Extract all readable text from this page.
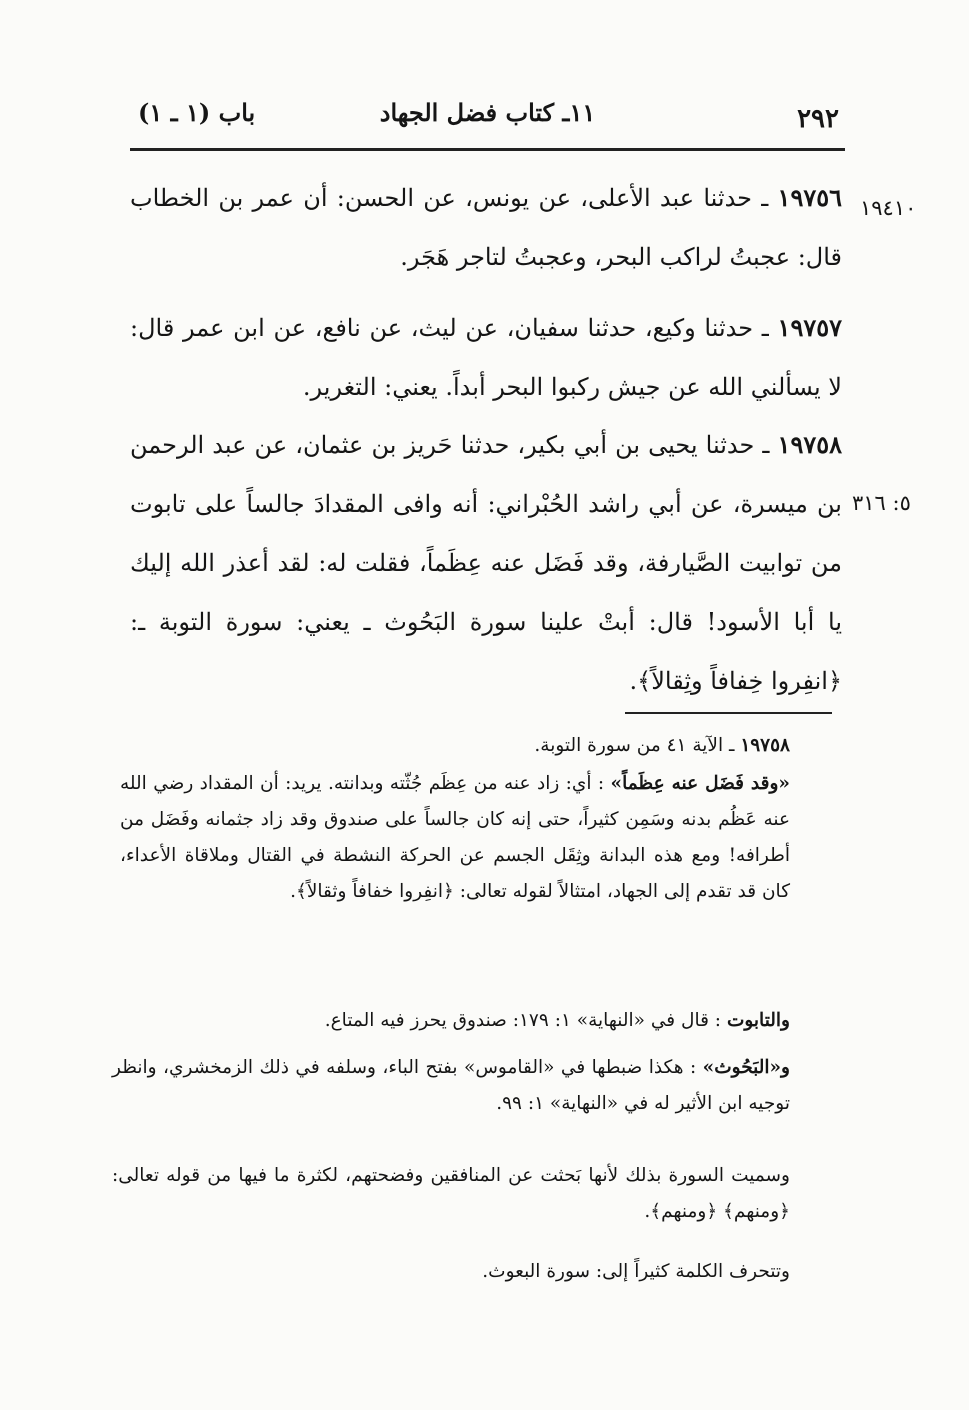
٢٩٢
١١ـ كتاب فضل الجهاد
باب (١ ـ ١)
١٩٤١٠
٥: ٣١٦
١٩٧٥٦ ـ حدثنا عبد الأعلى، عن يونس، عن الحسن: أن عمر بن الخطاب قال: عجبتُ لراكب البحر، وعجبتُ لتاجر هَجَر.
١٩٧٥٧ ـ حدثنا وكيع، حدثنا سفيان، عن ليث، عن نافع، عن ابن عمر قال: لا يسألني الله عن جيش ركبوا البحر أبداً. يعني: التغرير.
١٩٧٥٨ ـ حدثنا يحيى بن أبي بكير، حدثنا حَريز بن عثمان، عن عبد الرحمن بن ميسرة، عن أبي راشد الحُبْراني: أنه وافى المقدادَ جالساً على تابوت من توابيت الصَّيارفة، وقد فَضَل عنه عِظَماً، فقلت له: لقد أعذر الله إليك يا أبا الأسود! قال: أبتْ علينا سورة البَحُوث ـ يعني: سورة التوبة ـ: ﴿انفِروا خِفافاً وثِقالاً﴾.
١٩٧٥٨ ـ الآية ٤١ من سورة التوبة.
«وقد فَضَل عنه عِظَماً» : أي: زاد عنه من عِظَم جُثّته وبدانته. يريد: أن المقداد رضي الله عنه عَظُم بدنه وسَمِن كثيراً، حتى إنه كان جالساً على صندوق وقد زاد جثمانه وفَضَل من أطرافه! ومع هذه البدانة وثِقَل الجسم عن الحركة النشطة في القتال وملاقاة الأعداء، كان قد تقدم إلى الجهاد، امتثالاً لقوله تعالى: ﴿انفِروا خفافاً وثقالاً﴾.
والتابوت : قال في «النهاية» ١: ١٧٩: صندوق يحرز فيه المتاع.
و«البَحُوث» : هكذا ضبطها في «القاموس» بفتح الباء، وسلفه في ذلك الزمخشري، وانظر توجيه ابن الأثير له في «النهاية» ١: ٩٩.
وسميت السورة بذلك لأنها بَحثت عن المنافقين وفضحتهم، لكثرة ما فيها من قوله تعالى: ﴿ومنهم﴾ ﴿ومنهم﴾.
وتتحرف الكلمة كثيراً إلى: سورة البعوث.
